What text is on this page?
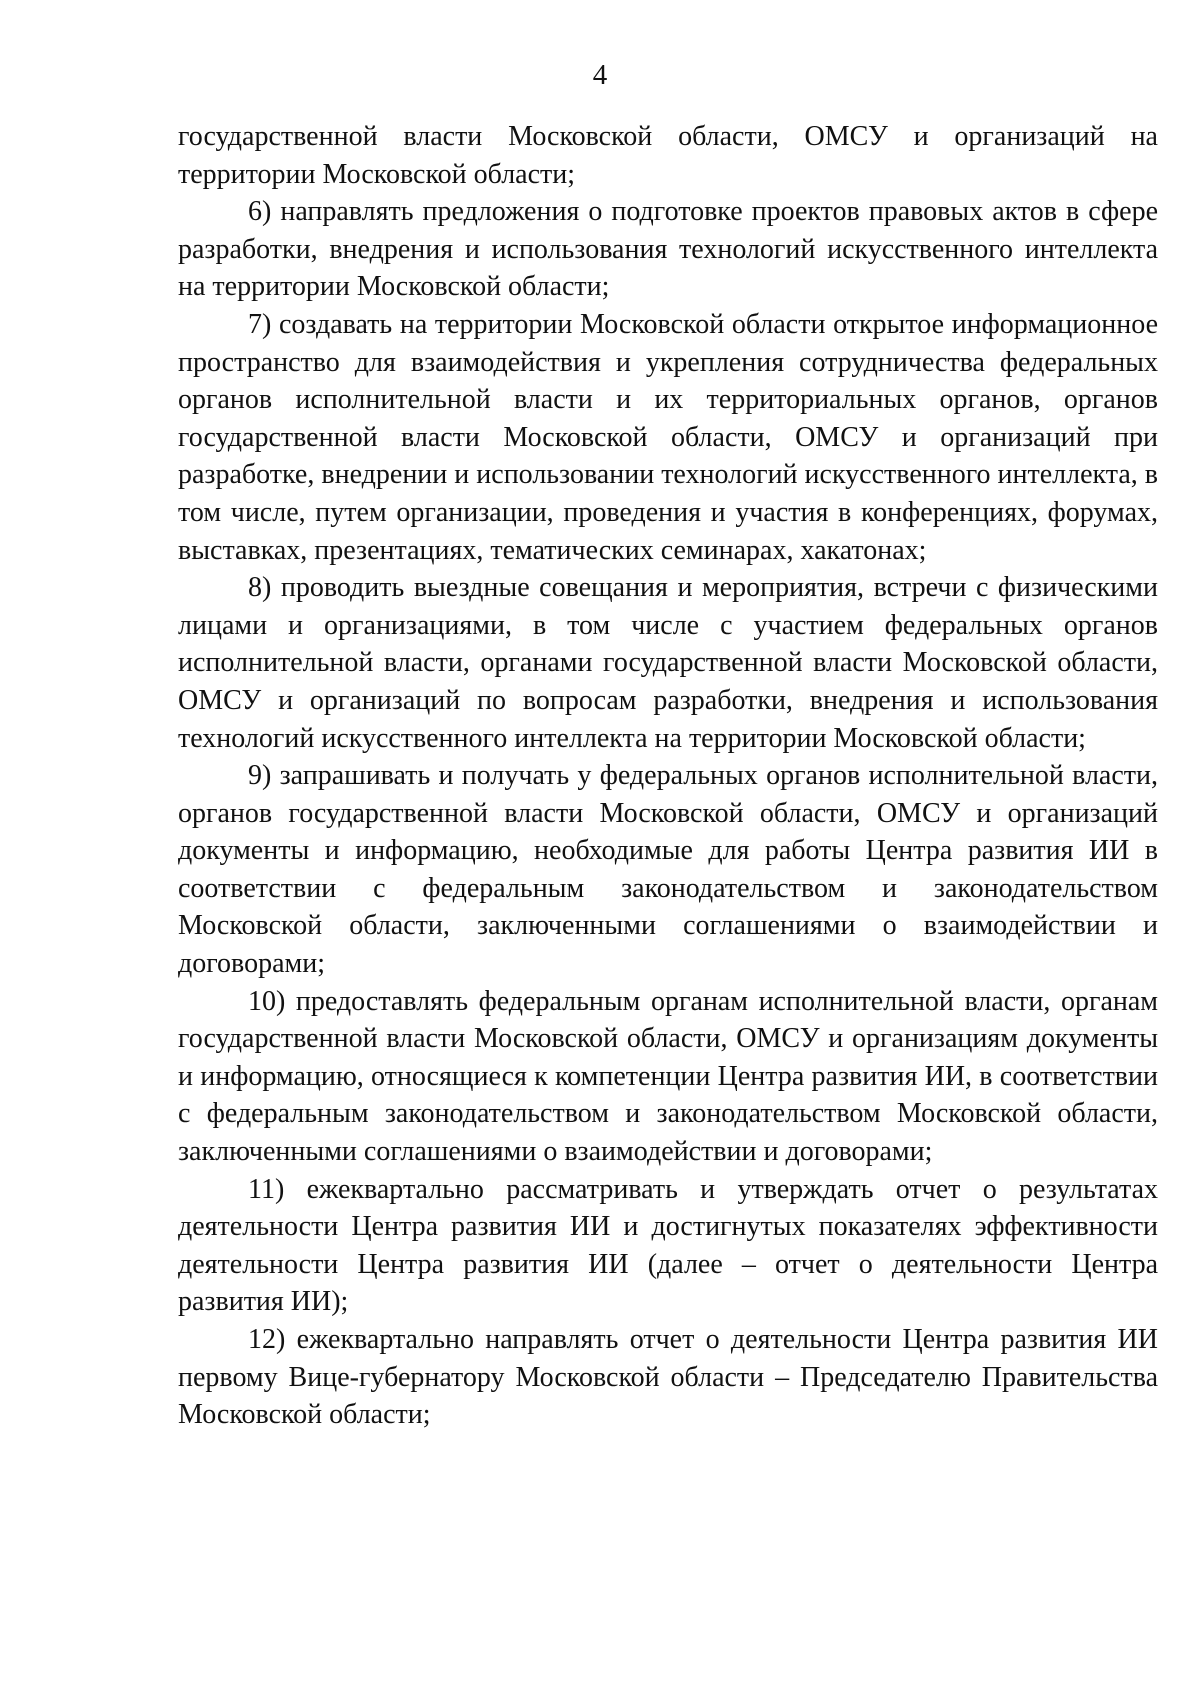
4

государственной власти Московской области, ОМСУ и организаций на территории Московской области;

6) направлять предложения о подготовке проектов правовых актов в сфере разработки, внедрения и использования технологий искусственного интеллекта на территории Московской области;

7) создавать на территории Московской области открытое информационное пространство для взаимодействия и укрепления сотрудничества федеральных органов исполнительной власти и их территориальных органов, органов государственной власти Московской области, ОМСУ и организаций при разработке, внедрении и использовании технологий искусственного интеллекта, в том числе, путем организации, проведения и участия в конференциях, форумах, выставках, презентациях, тематических семинарах, хакатонах;

8) проводить выездные совещания и мероприятия, встречи с физическими лицами и организациями, в том числе с участием федеральных органов исполнительной власти, органами государственной власти Московской области, ОМСУ и организаций по вопросам разработки, внедрения и использования технологий искусственного интеллекта на территории Московской области;

9) запрашивать и получать у федеральных органов исполнительной власти, органов государственной власти Московской области, ОМСУ и организаций документы и информацию, необходимые для работы Центра развития ИИ в соответствии с федеральным законодательством и законодательством Московской области, заключенными соглашениями о взаимодействии и договорами;

10) предоставлять федеральным органам исполнительной власти, органам государственной власти Московской области, ОМСУ и организациям документы и информацию, относящиеся к компетенции Центра развития ИИ, в соответствии с федеральным законодательством и законодательством Московской области, заключенными соглашениями о взаимодействии и договорами;

11) ежеквартально рассматривать и утверждать отчет о результатах деятельности Центра развития ИИ и достигнутых показателях эффективности деятельности Центра развития ИИ (далее – отчет о деятельности Центра развития ИИ);

12) ежеквартально направлять отчет о деятельности Центра развития ИИ первому Вице-губернатору Московской области – Председателю Правительства Московской области;
